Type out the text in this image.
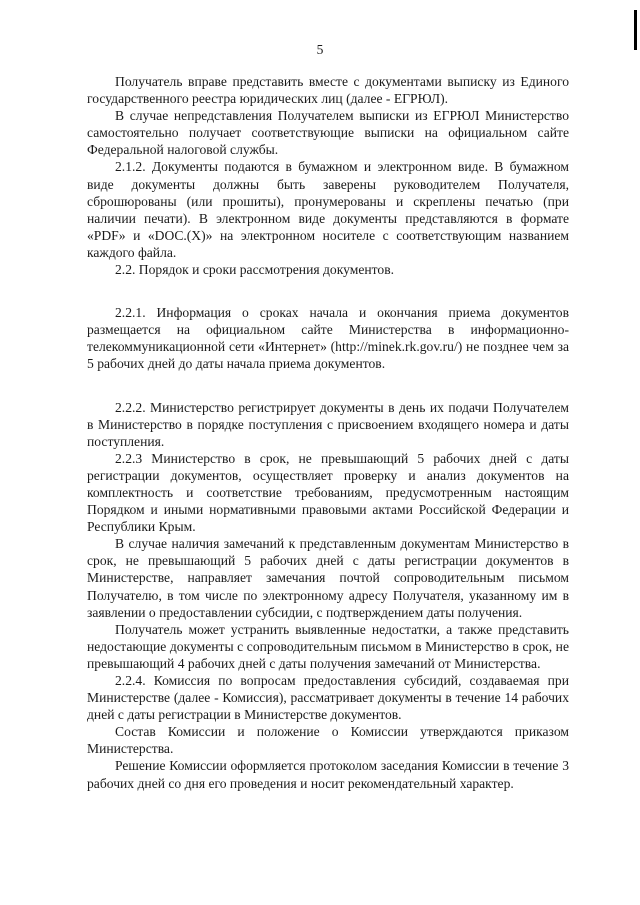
5

Получатель вправе представить вместе с документами выписку из Единого государственного реестра юридических лиц (далее - ЕГРЮЛ).

В случае непредставления Получателем выписки из ЕГРЮЛ Министерство самостоятельно получает соответствующие выписки на официальном сайте Федеральной налоговой службы.

2.1.2. Документы подаются в бумажном и электронном виде. В бумажном виде документы должны быть заверены руководителем Получателя, сброшюрованы (или прошиты), пронумерованы и скреплены печатью (при наличии печати). В электронном виде документы представляются в формате «PDF» и «DOC.(X)» на электронном носителе с соответствующим названием каждого файла.

2.2. Порядок и сроки рассмотрения документов.

2.2.1. Информация о сроках начала и окончания приема документов размещается на официальном сайте Министерства в информационно-телекоммуникационной сети «Интернет» (http://minek.rk.gov.ru/) не позднее чем за 5 рабочих дней до даты начала приема документов.

2.2.2. Министерство регистрирует документы в день их подачи Получателем в Министерство в порядке поступления с присвоением входящего номера и даты поступления.

2.2.3 Министерство в срок, не превышающий 5 рабочих дней с даты регистрации документов, осуществляет проверку и анализ документов на комплектность и соответствие требованиям, предусмотренным настоящим Порядком и иными нормативными правовыми актами Российской Федерации и Республики Крым.

В случае наличия замечаний к представленным документам Министерство в срок, не превышающий 5 рабочих дней с даты регистрации документов в Министерстве, направляет замечания почтой сопроводительным письмом Получателю, в том числе по электронному адресу Получателя, указанному им в заявлении о предоставлении субсидии, с подтверждением даты получения.

Получатель может устранить выявленные недостатки, а также представить недостающие документы с сопроводительным письмом в Министерство в срок, не превышающий 4 рабочих дней с даты получения замечаний от Министерства.

2.2.4. Комиссия по вопросам предоставления субсидий, создаваемая при Министерстве (далее - Комиссия), рассматривает документы в течение 14 рабочих дней с даты регистрации в Министерстве документов.

Состав Комиссии и положение о Комиссии утверждаются приказом Министерства.

Решение Комиссии оформляется протоколом заседания Комиссии в течение 3 рабочих дней со дня его проведения и носит рекомендательный характер.
